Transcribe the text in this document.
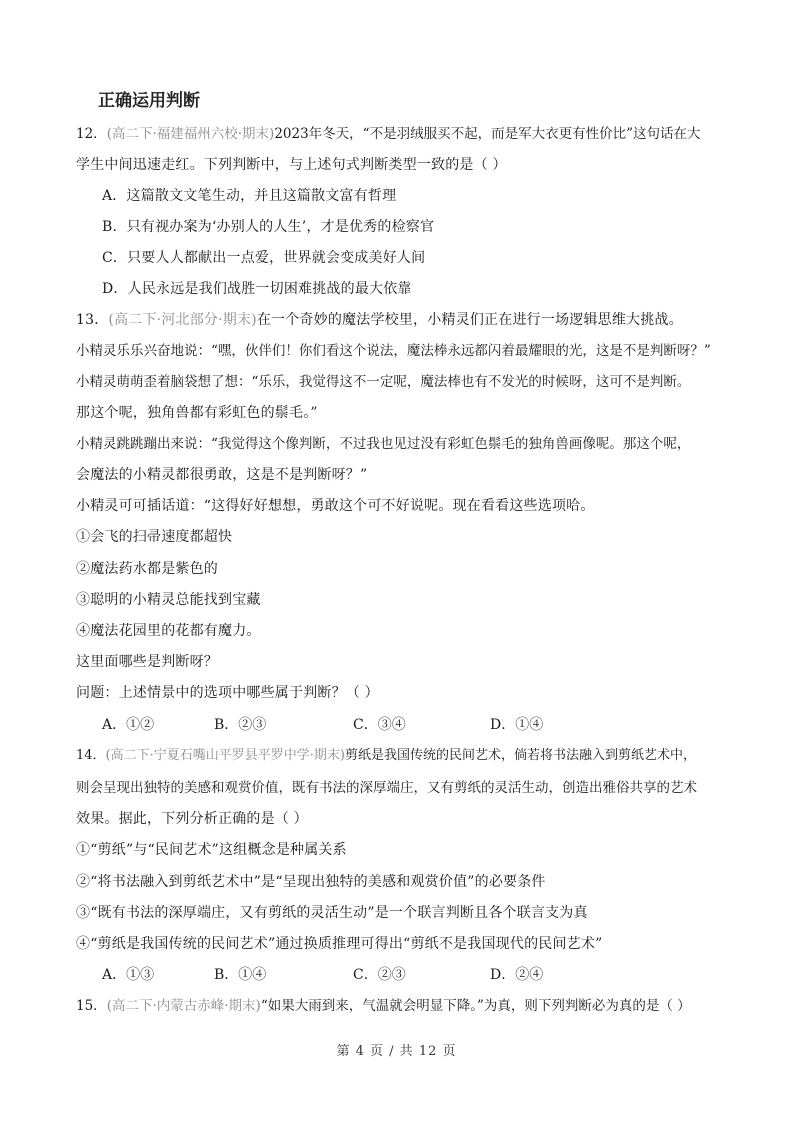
正确运用判断
12．(高二下·福建福州六校·期末)2023年冬天，“不是羽绒服买不起，而是军大衣更有性价比”这句话在大
学生中间迅速走红。下列判断中，与上述句式判断类型一致的是（ ）
A．这篇散文文笔生动，并且这篇散文富有哲理
B．只有视办案为‘办别人的人生’，才是优秀的检察官
C．只要人人都献出一点爱，世界就会变成美好人间
D．人民永远是我们战胜一切困难挑战的最大依靠
13．(高二下·河北部分·期末)在一个奇妙的魔法学校里，小精灵们正在进行一场逻辑思维大挑战。
小精灵乐乐兴奋地说：“嘿，伙伴们！你们看这个说法，魔法棒永远都闪着最耀眼的光，这是不是判断呀？”
小精灵萌萌歪着脑袋想了想：“乐乐，我觉得这不一定呢，魔法棒也有不发光的时候呀，这可不是判断。
那这个呢，独角兽都有彩虹色的鬃毛。”
小精灵跳跳蹦出来说：“我觉得这个像判断，不过我也见过没有彩虹色鬃毛的独角兽画像呢。那这个呢，
会魔法的小精灵都很勇敢，这是不是判断呀？”
小精灵可可插话道：“这得好好想想，勇敢这个可不好说呢。现在看看这些选项哈。
①会飞的扫帚速度都超快
②魔法药水都是紫色的
③聪明的小精灵总能找到宝藏
④魔法花园里的花都有魔力。
这里面哪些是判断呀？
问题：上述情景中的选项中哪些属于判断？（ ）
A．①②	B．②③	C．③④	D．①④
14．(高二下·宁夏石嘴山平罗县平罗中学·期末)剪纸是我国传统的民间艺术，倘若将书法融入到剪纸艺术中，
则会呈现出独特的美感和观赏价值，既有书法的深厚端庄，又有剪纸的灵活生动，创造出雅俗共享的艺术
效果。据此，下列分析正确的是（ ）
①“剪纸”与“民间艺术”这组概念是种属关系
②“将书法融入到剪纸艺术中”是“呈现出独特的美感和观赏价值”的必要条件
③“既有书法的深厚端庄，又有剪纸的灵活生动”是一个联言判断且各个联言支为真
④“剪纸是我国传统的民间艺术”通过换质推理可得出“剪纸不是我国现代的民间艺术”
A．①③	B．①④	C．②③	D．②④
15．(高二下·内蒙古赤峰·期末)“如果大雨到来，气温就会明显下降。”为真，则下列判断必为真的是（ ）
第 4 页 / 共 12 页
